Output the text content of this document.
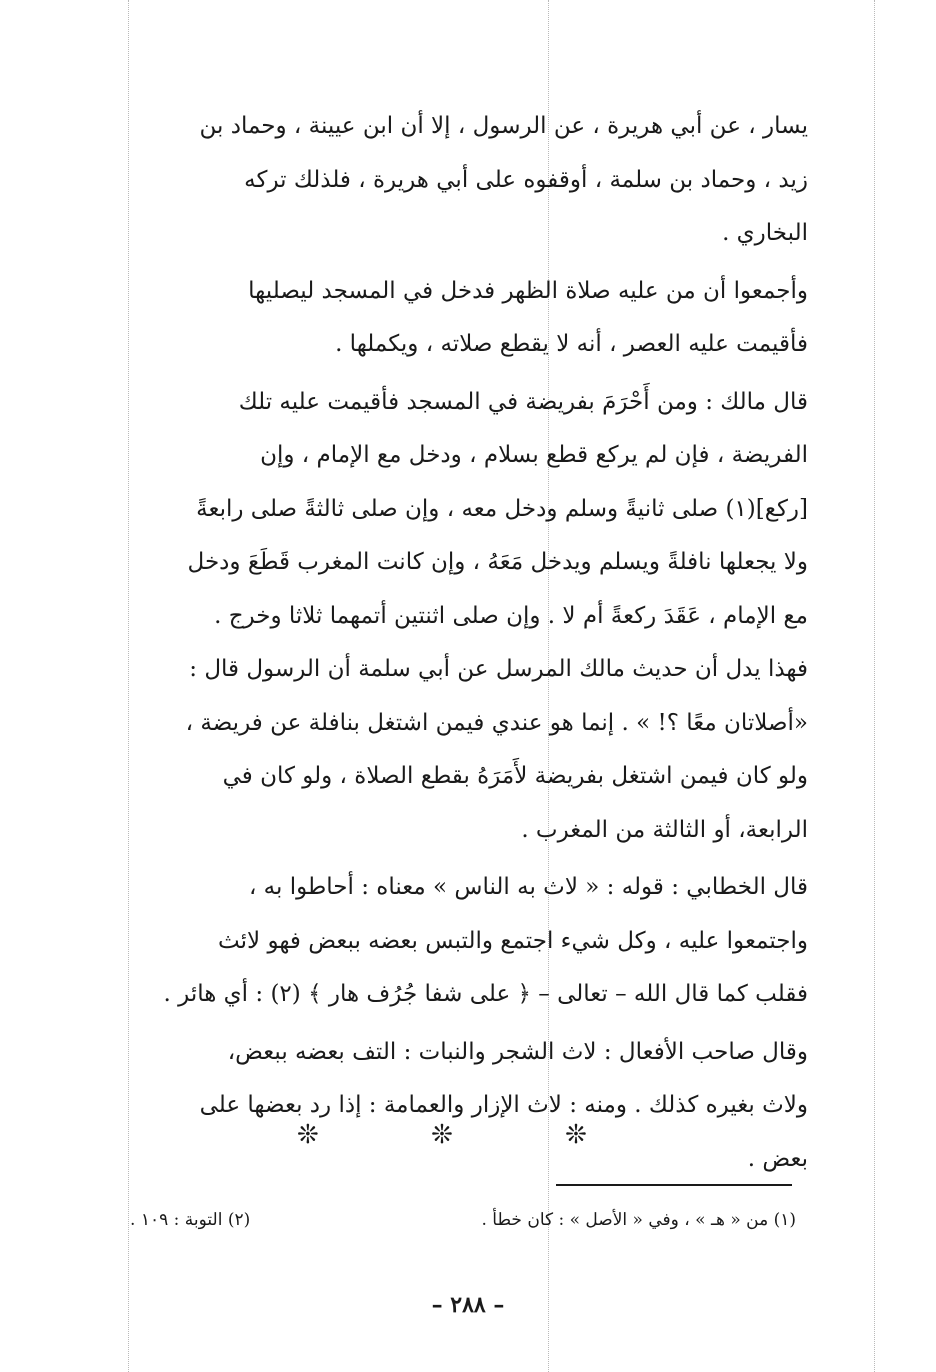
يسار ، عن أبي هريرة ، عن الرسول ، إلا أن ابن عيينة ، وحماد بن

زيد ، وحماد بن سلمة ، أوقفوه على أبي هريرة ، فلذلك تركه

البخاري .

وأجمعوا أن من عليه صلاة الظهر فدخل في المسجد ليصليها

فأقيمت عليه العصر ، أنه لا يقطع صلاته ، ويكملها .

قال مالك : ومن أَحْرَمَ بفريضة في المسجد فأقيمت عليه تلك

الفريضة ، فإن لم يركع قطع بسلام ، ودخل مع الإمام ، وإن

[ركع](١) صلى ثانيةً وسلم ودخل معه ، وإن صلى ثالثةً صلى رابعةً

ولا يجعلها نافلةً ويسلم ويدخل مَعَهُ ، وإن كانت المغرب قَطَعَ ودخل

مع الإمام ، عَقَدَ ركعةً أم لا . وإن صلى اثنتين أتمهما ثلاثا وخرج .

فهذا يدل أن حديث مالك المرسل عن أبي سلمة أن الرسول قال :

«أصلاتان معًا ؟! » . إنما هو عندي فيمن اشتغل بنافلة عن فريضة ،

ولو كان فيمن اشتغل بفريضة لأَمَرَهُ بقطع الصلاة ، ولو كان في

الرابعة، أو الثالثة من المغرب .

قال الخطابي : قوله : « لاث به الناس » معناه : أحاطوا به ،

واجتمعوا عليه ، وكل شيء اجتمع والتبس بعضه ببعض فهو لائث

فقلب كما قال الله – تعالى – ﴿ على شفا جُرُف هار ﴾ (٢) : أي هائر .

وقال صاحب الأفعال : لاث الشجر والنبات : التف بعضه ببعض،

ولاث بغيره كذلك . ومنه : لاث الإزار والعمامة : إذا رد بعضها على

بعض .

❊ ❊ ❊
(١) من « هـ » ، وفي « الأصل » : كان خطأ .
(٢) التوبة : ١٠٩ .
– ٢٨٨ –
